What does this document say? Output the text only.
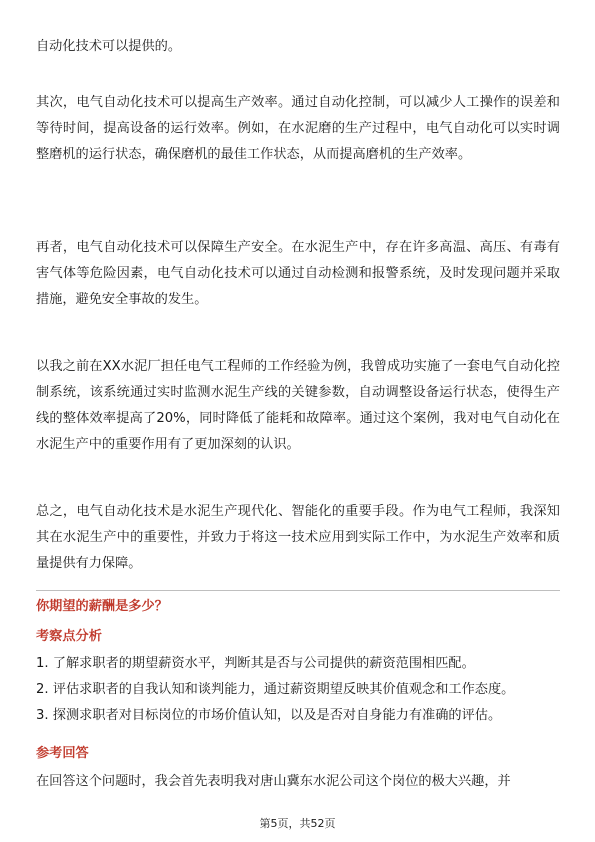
自动化技术可以提供的。

其次，电气自动化技术可以提高生产效率。通过自动化控制，可以减少人工操作的误差和等待时间，提高设备的运行效率。例如，在水泥磨的生产过程中，电气自动化可以实时调整磨机的运行状态，确保磨机的最佳工作状态，从而提高磨机的生产效率。

再者，电气自动化技术可以保障生产安全。在水泥生产中，存在许多高温、高压、有毒有害气体等危险因素，电气自动化技术可以通过自动检测和报警系统，及时发现问题并采取措施，避免安全事故的发生。

以我之前在XX水泥厂担任电气工程师的工作经验为例，我曾成功实施了一套电气自动化控制系统，该系统通过实时监测水泥生产线的关键参数，自动调整设备运行状态，使得生产线的整体效率提高了20%，同时降低了能耗和故障率。通过这个案例，我对电气自动化在水泥生产中的重要作用有了更加深刻的认识。

总之，电气自动化技术是水泥生产现代化、智能化的重要手段。作为电气工程师，我深知其在水泥生产中的重要性，并致力于将这一技术应用到实际工作中，为水泥生产效率和质量提供有力保障。

你期望的薪酬是多少？
考察点分析
1. 了解求职者的期望薪资水平，判断其是否与公司提供的薪资范围相匹配。
2. 评估求职者的自我认知和谈判能力，通过薪资期望反映其价值观念和工作态度。
3. 探测求职者对目标岗位的市场价值认知，以及是否对自身能力有准确的评估。
参考回答

在回答这个问题时，我会首先表明我对唐山冀东水泥公司这个岗位的极大兴趣，并

第5页，共52页
